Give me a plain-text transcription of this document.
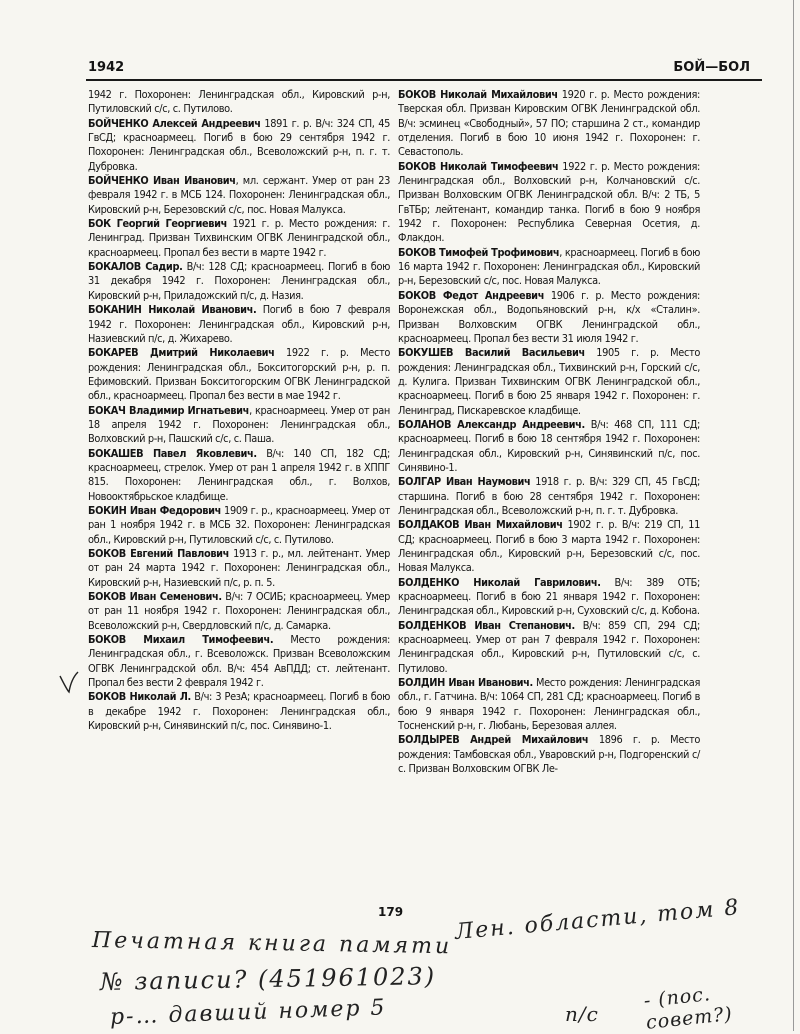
1942	БОЙ—БОЛ

1942 г. Похоронен: Ленинградская обл., Кировский р-н, Путиловский с/с, с. Путилово.

БОЙЧЕНКО Алексей Андреевич 1891 г. р. В/ч: 324 СП, 45 ГвСД; красноармеец. Погиб в бою 29 сентября 1942 г. Похоронен: Ленинградская обл., Всеволожский р-н, п. г. т. Дубровка.

БОЙЧЕНКО Иван Иванович, мл. сержант. Умер от ран 23 февраля 1942 г. в МСБ 124. Похоронен: Ленинградская обл., Кировский р-н, Березовский с/с, пос. Новая Малукса.

БОК Георгий Георгиевич 1921 г. р. Место рождения: г. Ленинград. Призван Тихвинским ОГВК Ленинградской обл., красноармеец. Пропал без вести в марте 1942 г.

БОКАЛОВ Садир. В/ч: 128 СД; красноармеец. Погиб в бою 31 декабря 1942 г. Похоронен: Ленинградская обл., Кировский р-н, Приладожский п/с, д. Назия.

БОКАНИН Николай Иванович. Погиб в бою 7 февраля 1942 г. Похоронен: Ленинградская обл., Кировский р-н, Назиевский п/с, д. Жихарево.

БОКАРЕВ Дмитрий Николаевич 1922 г. р. Место рождения: Ленинградская обл., Бокситогорский р-н, р. п. Ефимовский. Призван Бокситогорским ОГВК Ленинградской обл., красноармеец. Пропал без вести в мае 1942 г.

БОКАЧ Владимир Игнатьевич, красноармеец. Умер от ран 18 апреля 1942 г. Похоронен: Ленинградская обл., Волховский р-н, Пашский с/с, с. Паша.

БОКАШЕВ Павел Яковлевич. В/ч: 140 СП, 182 СД; красноармеец, стрелок. Умер от ран 1 апреля 1942 г. в ХППГ 815. Похоронен: Ленинградская обл., г. Волхов, Новооктябрьское кладбище.

БОКИН Иван Федорович 1909 г. р., красноармеец. Умер от ран 1 ноября 1942 г. в МСБ 32. Похоронен: Ленинградская обл., Кировский р-н, Путиловский с/с, с. Путилово.

БОКОВ Евгений Павлович 1913 г. р., мл. лейтенант. Умер от ран 24 марта 1942 г. Похоронен: Ленинградская обл., Кировский р-н, Назиевский п/с, р. п. 5.

БОКОВ Иван Семенович. В/ч: 7 ОСИБ; красноармеец. Умер от ран 11 ноября 1942 г. Похоронен: Ленинградская обл., Всеволожский р-н, Свердловский п/с, д. Самарка.

БОКОВ Михаил Тимофеевич. Место рождения: Ленинградская обл., г. Всеволожск. Призван Всеволожским ОГВК Ленинградской обл. В/ч: 454 АвПДД; ст. лейтенант. Пропал без вести 2 февраля 1942 г.

БОКОВ Николай Л. В/ч: 3 РезА; красноармеец. Погиб в бою в декабре 1942 г. Похоронен: Ленинградская обл., Кировский р-н, Синявинский п/с, пос. Синявино-1.

БОКОВ Николай Михайлович 1920 г. р. Место рождения: Тверская обл. Призван Кировским ОГВК Ленинградской обл. В/ч: эсминец «Свободный», 57 ПО; старшина 2 ст., командир отделения. Погиб в бою 10 июня 1942 г. Похоронен: г. Севастополь.

БОКОВ Николай Тимофеевич 1922 г. р. Место рождения: Ленинградская обл., Волховский р-н, Колчановский с/с. Призван Волховским ОГВК Ленинградской обл. В/ч: 2 ТБ, 5 ГвТБр; лейтенант, командир танка. Погиб в бою 9 ноября 1942 г. Похоронен: Республика Северная Осетия, д. Флакдон.

БОКОВ Тимофей Трофимович, красноармеец. Погиб в бою 16 марта 1942 г. Похоронен: Ленинградская обл., Кировский р-н, Березовский с/с, пос. Новая Малукса.

БОКОВ Федот Андреевич 1906 г. р. Место рождения: Воронежская обл., Водопьяновский р-н, к/х «Сталин». Призван Волховским ОГВК Ленинградской обл., красноармеец. Пропал без вести 31 июля 1942 г.

БОКУШЕВ Василий Васильевич 1905 г. р. Место рождения: Ленинградская обл., Тихвинский р-н, Горский с/с, д. Кулига. Призван Тихвинским ОГВК Ленинградской обл., красноармеец. Погиб в бою 25 января 1942 г. Похоронен: г. Ленинград, Пискаревское кладбище.

БОЛАНОВ Александр Андреевич. В/ч: 468 СП, 111 СД; красноармеец. Погиб в бою 18 сентября 1942 г. Похоронен: Ленинградская обл., Кировский р-н, Синявинский п/с, пос. Синявино-1.

БОЛГАР Иван Наумович 1918 г. р. В/ч: 329 СП, 45 ГвСД; старшина. Погиб в бою 28 сентября 1942 г. Похоронен: Ленинградская обл., Всеволожский р-н, п. г. т. Дубровка.

БОЛДАКОВ Иван Михайлович 1902 г. р. В/ч: 219 СП, 11 СД; красноармеец. Погиб в бою 3 марта 1942 г. Похоронен: Ленинградская обл., Кировский р-н, Березовский с/с, пос. Новая Малукса.

БОЛДЕНКО Николай Гаврилович. В/ч: 389 ОТБ; красноармеец. Погиб в бою 21 января 1942 г. Похоронен: Ленинградская обл., Кировский р-н, Суховский с/с, д. Кобона.

БОЛДЕНКОВ Иван Степанович. В/ч: 859 СП, 294 СД; красноармеец. Умер от ран 7 февраля 1942 г. Похоронен: Ленинградская обл., Кировский р-н, Путиловский с/с, с. Путилово.

БОЛДИН Иван Иванович. Место рождения: Ленинградская обл., г. Гатчина. В/ч: 1064 СП, 281 СД; красноармеец. Погиб в бою 9 января 1942 г. Похоронен: Ленинградская обл., Тосненский р-н, г. Любань, Березовая аллея.

БОЛДЫРЕВ Андрей Михайлович 1896 г. р. Место рождения: Тамбовская обл., Уваровский р-н, Подгоренский с/с. Призван Волховским ОГВК Ле-

179
Печатная книга памяти Лен. области, том 8
№ записи? (451961023)
р-… давший номер 5	п/с
- (пос. совет?)
